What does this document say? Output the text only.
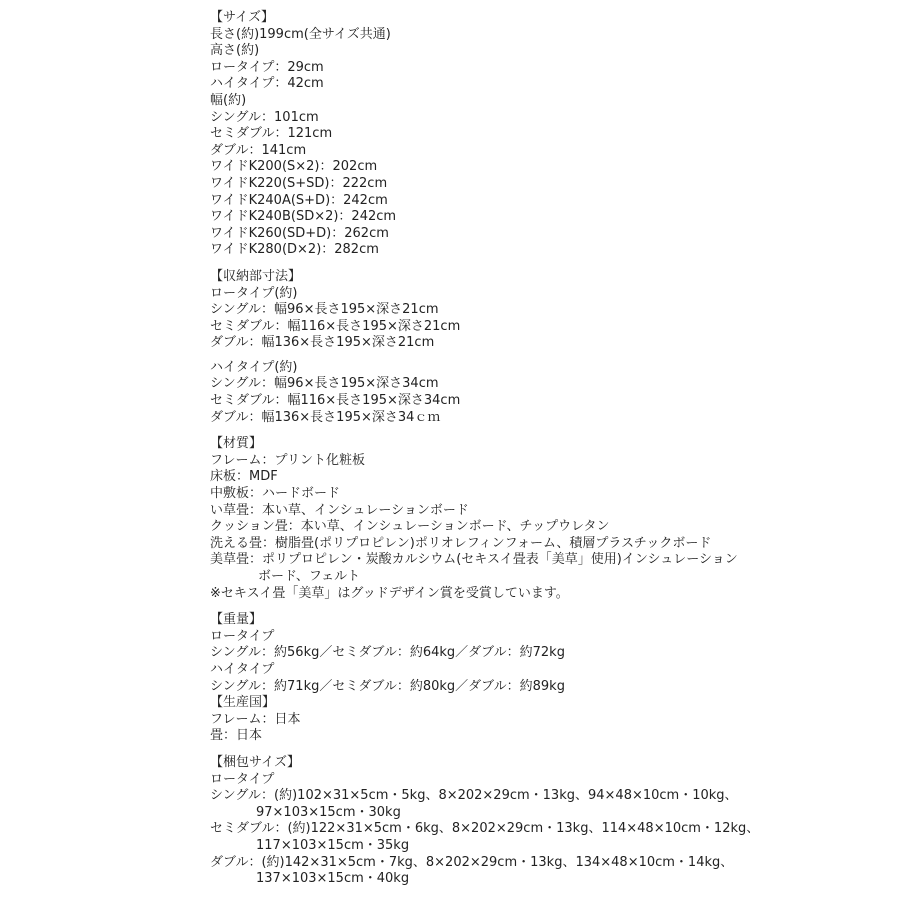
【サイズ】
長さ(約)199cm(全サイズ共通)
高さ(約)
ロータイプ：29cm
ハイタイプ：42cm
幅(約)
シングル：101cm
セミダブル：121cm
ダブル：141cm
ワイドK200(S×2)：202cm
ワイドK220(S+SD)：222cm
ワイドK240A(S+D)：242cm
ワイドK240B(SD×2)：242cm
ワイドK260(SD+D)：262cm
ワイドK280(D×2)：282cm
【収納部寸法】
ロータイプ(約)
シングル：幅96×長さ195×深さ21cm
セミダブル：幅116×長さ195×深さ21cm
ダブル：幅136×長さ195×深さ21cm
ハイタイプ(約)
シングル：幅96×長さ195×深さ34cm
セミダブル：幅116×長さ195×深さ34cm
ダブル：幅136×長さ195×深さ34ｃｍ
【材質】
フレーム：プリント化粧板
床板：MDF
中敷板：ハードボード
い草畳：本い草、インシュレーションボード
クッション畳：本い草、インシュレーションボード、チップウレタン
洗える畳：樹脂畳(ポリプロピレン)ポリオレフィンフォーム、積層プラスチックボード
美草畳：ポリプロピレン・炭酸カルシウム(セキスイ畳表「美草」使用)インシュレーション
ボード、フェルト
※セキスイ畳「美草」はグッドデザイン賞を受賞しています。
【重量】
ロータイプ
シングル：約56kg／セミダブル：約64kg／ダブル：約72kg
ハイタイプ
シングル：約71kg／セミダブル：約80kg／ダブル：約89kg
【生産国】
フレーム：日本
畳：日本
【梱包サイズ】
ロータイプ
シングル：(約)102×31×5cm・5kg、8×202×29cm・13kg、94×48×10cm・10kg、
97×103×15cm・30kg
セミダブル：(約)122×31×5cm・6kg、8×202×29cm・13kg、114×48×10cm・12kg、
117×103×15cm・35kg
ダブル：(約)142×31×5cm・7kg、8×202×29cm・13kg、134×48×10cm・14kg、
137×103×15cm・40kg
